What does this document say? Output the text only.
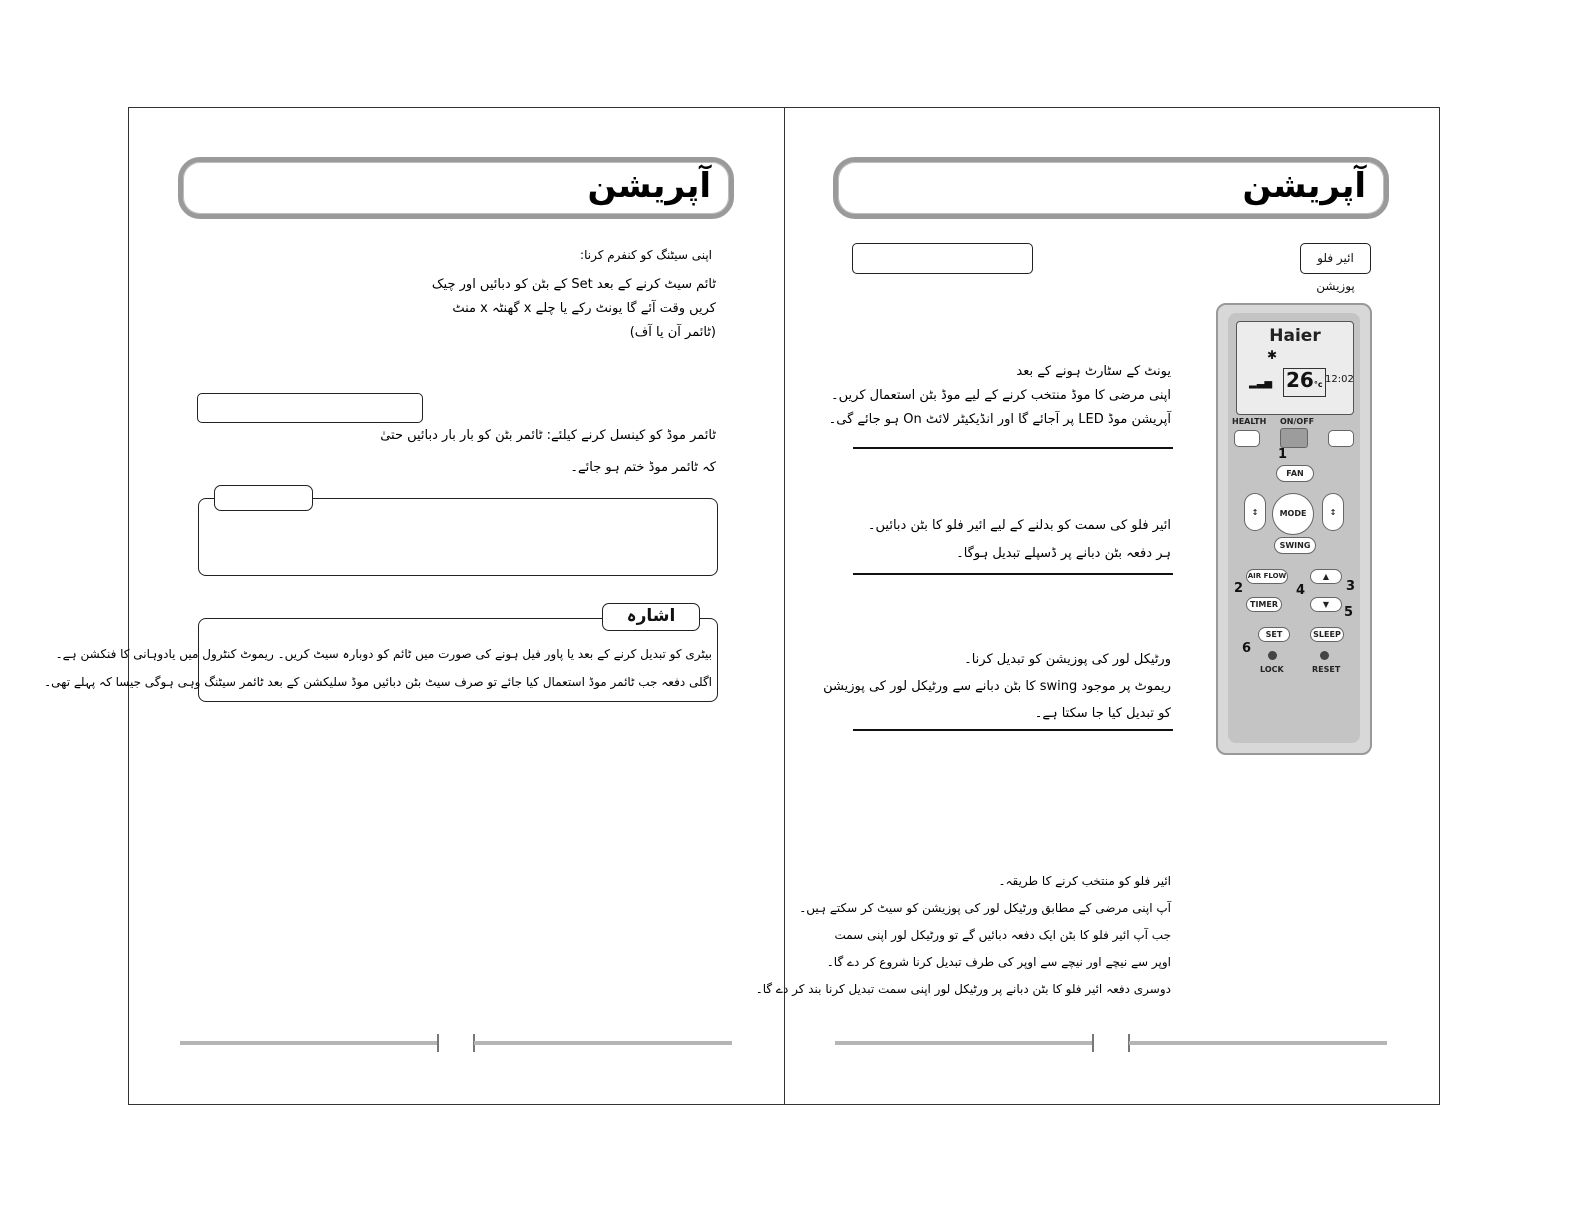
آپریشن
اپنی سیٹنگ کو کنفرم کرنا:
ٹائم سیٹ کرنے کے بعد Set کے بٹن کو دبائیں اور چیک
کریں وقت آئے گا یونٹ رکے یا چلے x گھنٹہ x منٹ
(ٹائمر آن یا آف)
ٹائمر موڈ کو کینسل کرنے کیلئے: ٹائمر بٹن کو بار بار دبائیں حتیٰ
کہ ٹائمر موڈ ختم ہو جائے۔
اشارہ
بیٹری کو تبدیل کرنے کے بعد یا پاور فیل ہونے کی صورت میں ٹائم کو دوبارہ سیٹ کریں۔ ریموٹ کنٹرول میں یادوہانی کا فنکشن ہے۔
اگلی دفعہ جب ٹائمر موڈ استعمال کیا جائے تو صرف سیٹ بٹن دبائیں موڈ سلیکشن کے بعد ٹائمر سیٹنگ وہی ہوگی جیسا کہ پہلے تھی۔
آپریشن
ائیر فلو پوزیشن
یونٹ کے سٹارٹ ہونے کے بعد
اپنی مرضی کا موڈ منتخب کرنے کے لیے موڈ بٹن استعمال کریں۔
آپریشن موڈ LED پر آجائے گا اور انڈیکیٹر لائٹ On ہو جائے گی۔
ائیر فلو کی سمت کو بدلنے کے لیے ائیر فلو کا بٹن دبائیں۔
ہر دفعہ بٹن دبانے پر ڈسپلے تبدیل ہوگا۔
ورٹیکل لور کی پوزیشن کو تبدیل کرنا۔
ریموٹ پر موجود swing کا بٹن دبانے سے ورٹیکل لور کی پوزیشن
کو تبدیل کیا جا سکتا ہے۔
ائیر فلو کو منتخب کرنے کا طریقہ۔
آپ اپنی مرضی کے مطابق ورٹیکل لور کی پوزیشن کو سیٹ کر سکتے ہیں۔
جب آپ ائیر فلو کا بٹن ایک دفعہ دبائیں گے تو ورٹیکل لور اپنی سمت
اوپر سے نیچے اور نیچے سے اوپر کی طرف تبدیل کرنا شروع کر دے گا۔
دوسری دفعہ ائیر فلو کا بٹن دبانے پر ورٹیکل لور اپنی سمت تبدیل کرنا بند کر دے گا۔
Haier
✱
▂▃▅ 26°c 12:02
HEALTH ON/OFF
FAN
↕	MODE	↕
SWING
AIR FLOW	▲
TIMER	▼
SET	SLEEP
LOCK	RESET
1
2	3
4
5
6
